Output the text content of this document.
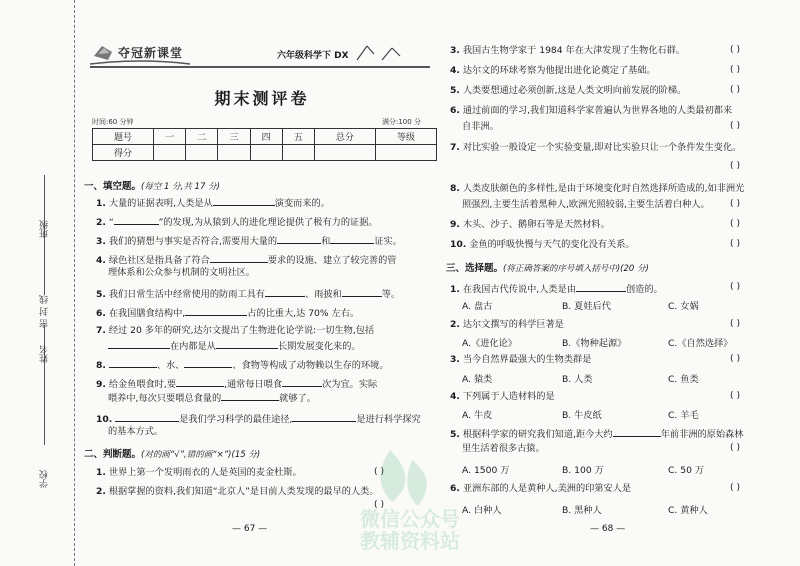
班级
密 封 线
姓名
学校
夺冠新课堂	六年级科学下 DX
期末测评卷
时间:60 分钟	满分:100 分
题号	一	二	三	四	五	总分	等级
得分							
一、填空题。(每空 1 分,共 17 分)
1. 大量的证据表明,人类是从	演变而来的。
2. “	”的发现,为从猿到人的进化理论提供了极有力的证据。
3. 我们的猜想与事实是否符合,需要用大量的	和	证实。
4. 绿色社区是指具备了符合	要求的设施、建立了较完善的管
理体系和公众参与机制的文明社区。
5. 我们日常生活中经常使用的防雨工具有	、雨披和	等。
6. 在我国膳食结构中,	占的比重大,达 70% 左右。
7. 经过 20 多年的研究,达尔文提出了生物进化论学说:一切生物,包括
在内都是从	长期发展变化来的。
8.	、水、	、食物等构成了动物赖以生存的环境。
9. 给金鱼喂食时,要	,通常每日喂食	次为宜。实际
喂养中,每次只要喂总食量的	就够了。
10.	是我们学习科学的最佳途径,	是进行科学探究
的基本方式。
二、判断题。(对的画“√”,错的画“×”)(15 分)
1. 世界上第一个发明雨衣的人是英国的麦金杜斯。	( )
2. 根据掌握的资料,我们知道“北京人”是目前人类发现的最早的人类。
( )
— 67 —
3. 我国古生物学家于 1984 年在大津发现了生物化石群。	( )
4. 达尔文的环球考察为他提出进化论奠定了基础。	( )
5. 人类要想通过必须创新,这是人类文明向前发展的阶梯。	( )
6. 通过前面的学习,我们知道科学家普遍认为世界各地的人类最初都来
自非洲。	( )
7. 对比实验一般设定一个实验变量,即对比实验只让一个条件发生变化。
( )
8. 人类皮肤颜色的多样性,是由于环境变化时自然选择所造成的,如非洲光
照强烈,主要生活着黑种人,欧洲光照较弱,主要生活着白种人。 ( )
9. 木头、沙子、鹅卵石等是天然材料。	( )
10. 金鱼的呼吸快慢与天气的变化没有关系。	( )
三、选择题。(将正确答案的序号填入括号中)(20 分)
1. 在我国古代传说中,人类是由	创造的。	( )
A. 盘古	B. 夏娃后代	C. 女娲
2. 达尔文撰写的科学巨著是	( )
A.《进化论》	B.《物种起源》	C.《自然选择》
3. 当今自然界最强大的生物类群是	( )
A. 猿类	B. 人类	C. 鱼类
4. 下列属于人造材料的是	( )
A. 牛皮	B. 牛皮纸	C. 羊毛
5. 根据科学家的研究我们知道,距今大约	年前非洲的原始森林
里生活着很多古猿。	( )
A. 1500 万	B. 100 万	C. 50 万
6. 亚洲东部的人是黄种人,美洲的印第安人是	( )
A. 白种人	B. 黑种人	C. 黄种人
— 68 —
微信公众号
教辅资料站
